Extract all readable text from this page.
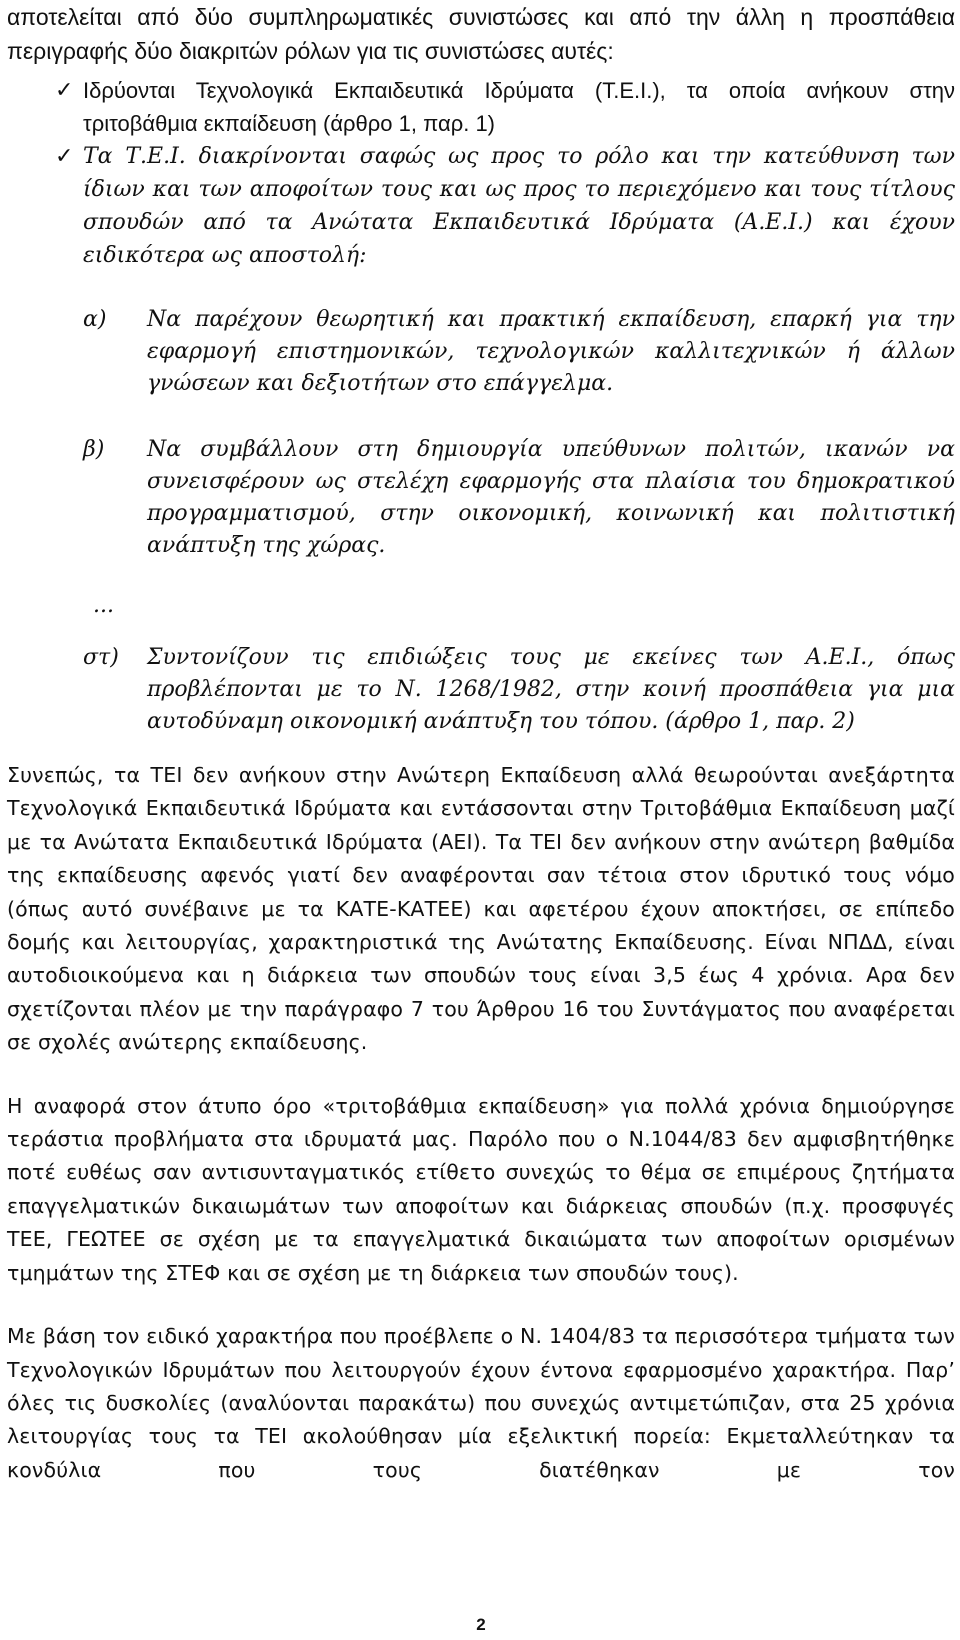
αποτελείται από δύο συμπληρωματικές συνιστώσες και από την άλλη η προσπάθεια περιγραφής δύο διακριτών ρόλων για τις συνιστώσες αυτές:

✓ Ιδρύονται Τεχνολογικά Εκπαιδευτικά Ιδρύματα (Τ.Ε.Ι.), τα οποία ανήκουν στην τριτοβάθμια εκπαίδευση (άρθρο 1, παρ. 1)
✓ Τα Τ.Ε.Ι. διακρίνονται σαφώς ως προς το ρόλο και την κατεύθυνση των ίδιων και των αποφοίτων τους και ως προς το περιεχόμενο και τους τίτλους σπουδών από τα Ανώτατα Εκπαιδευτικά Ιδρύματα (Α.Ε.Ι.) και έχουν ειδικότερα ως αποστολή:
α) Να παρέχουν θεωρητική και πρακτική εκπαίδευση, επαρκή για την εφαρμογή επιστημονικών, τεχνολογικών καλλιτεχνικών ή άλλων γνώσεων και δεξιοτήτων στο επάγγελμα.
β) Να συμβάλλουν στη δημιουργία υπεύθυνων πολιτών, ικανών να συνεισφέρουν ως στελέχη εφαρμογής στα πλαίσια του δημοκρατικού προγραμματισμού, στην οικονομική, κοινωνική και πολιτιστική ανάπτυξη της χώρας.

...

στ) Συντονίζουν τις επιδιώξεις τους με εκείνες των Α.Ε.Ι., όπως προβλέπονται με το Ν. 1268/1982, στην κοινή προσπάθεια για μια αυτοδύναμη οικονομική ανάπτυξη του τόπου. (άρθρο 1, παρ. 2)

Συνεπώς, τα ΤΕΙ δεν ανήκουν στην Ανώτερη Εκπαίδευση αλλά θεωρούνται ανεξάρτητα Τεχνολογικά Εκπαιδευτικά Ιδρύματα και εντάσσονται στην Τριτοβάθμια Εκπαίδευση μαζί με τα Ανώτατα Εκπαιδευτικά Ιδρύματα (ΑΕΙ). Τα ΤΕΙ δεν ανήκουν στην ανώτερη βαθμίδα της εκπαίδευσης αφενός γιατί δεν αναφέρονται σαν τέτοια στον ιδρυτικό τους νόμο (όπως αυτό συνέβαινε με τα ΚΑΤΕ-ΚΑΤΕΕ) και αφετέρου έχουν αποκτήσει, σε επίπεδο δομής και λειτουργίας, χαρακτηριστικά της Ανώτατης Εκπαίδευσης. Είναι ΝΠΔΔ, είναι αυτοδιοικούμενα και η διάρκεια των σπουδών τους είναι 3,5 έως 4 χρόνια. Αρα δεν σχετίζονται πλέον με την παράγραφο 7 του Άρθρου 16 του Συντάγματος που αναφέρεται σε σχολές ανώτερης εκπαίδευσης.

Η αναφορά στον άτυπο όρο «τριτοβάθμια εκπαίδευση» για πολλά χρόνια δημιούργησε τεράστια προβλήματα στα ιδρυματά μας. Παρόλο που ο Ν.1044/83 δεν αμφισβητήθηκε ποτέ ευθέως σαν αντισυνταγματικός ετίθετο συνεχώς το θέμα σε επιμέρους ζητήματα επαγγελματικών δικαιωμάτων των αποφοίτων και διάρκειας σπουδών (π.χ. προσφυγές ΤΕΕ, ΓΕΩΤΕΕ σε σχέση με τα επαγγελματικά δικαιώματα των αποφοίτων ορισμένων τμημάτων της ΣΤΕΦ και σε σχέση με τη διάρκεια των σπουδών τους).

Με βάση τον ειδικό χαρακτήρα που προέβλεπε ο Ν. 1404/83 τα περισσότερα τμήματα των Τεχνολογικών Ιδρυμάτων που λειτουργούν έχουν έντονα εφαρμοσμένο χαρακτήρα. Παρ’ όλες τις δυσκολίες (αναλύονται παρακάτω) που συνεχώς αντιμετώπιζαν, στα 25 χρόνια λειτουργίας τους τα ΤΕΙ ακολούθησαν μία εξελικτική πορεία: Εκμεταλλεύτηκαν τα κονδύλια που τους διατέθηκαν με τον

2
